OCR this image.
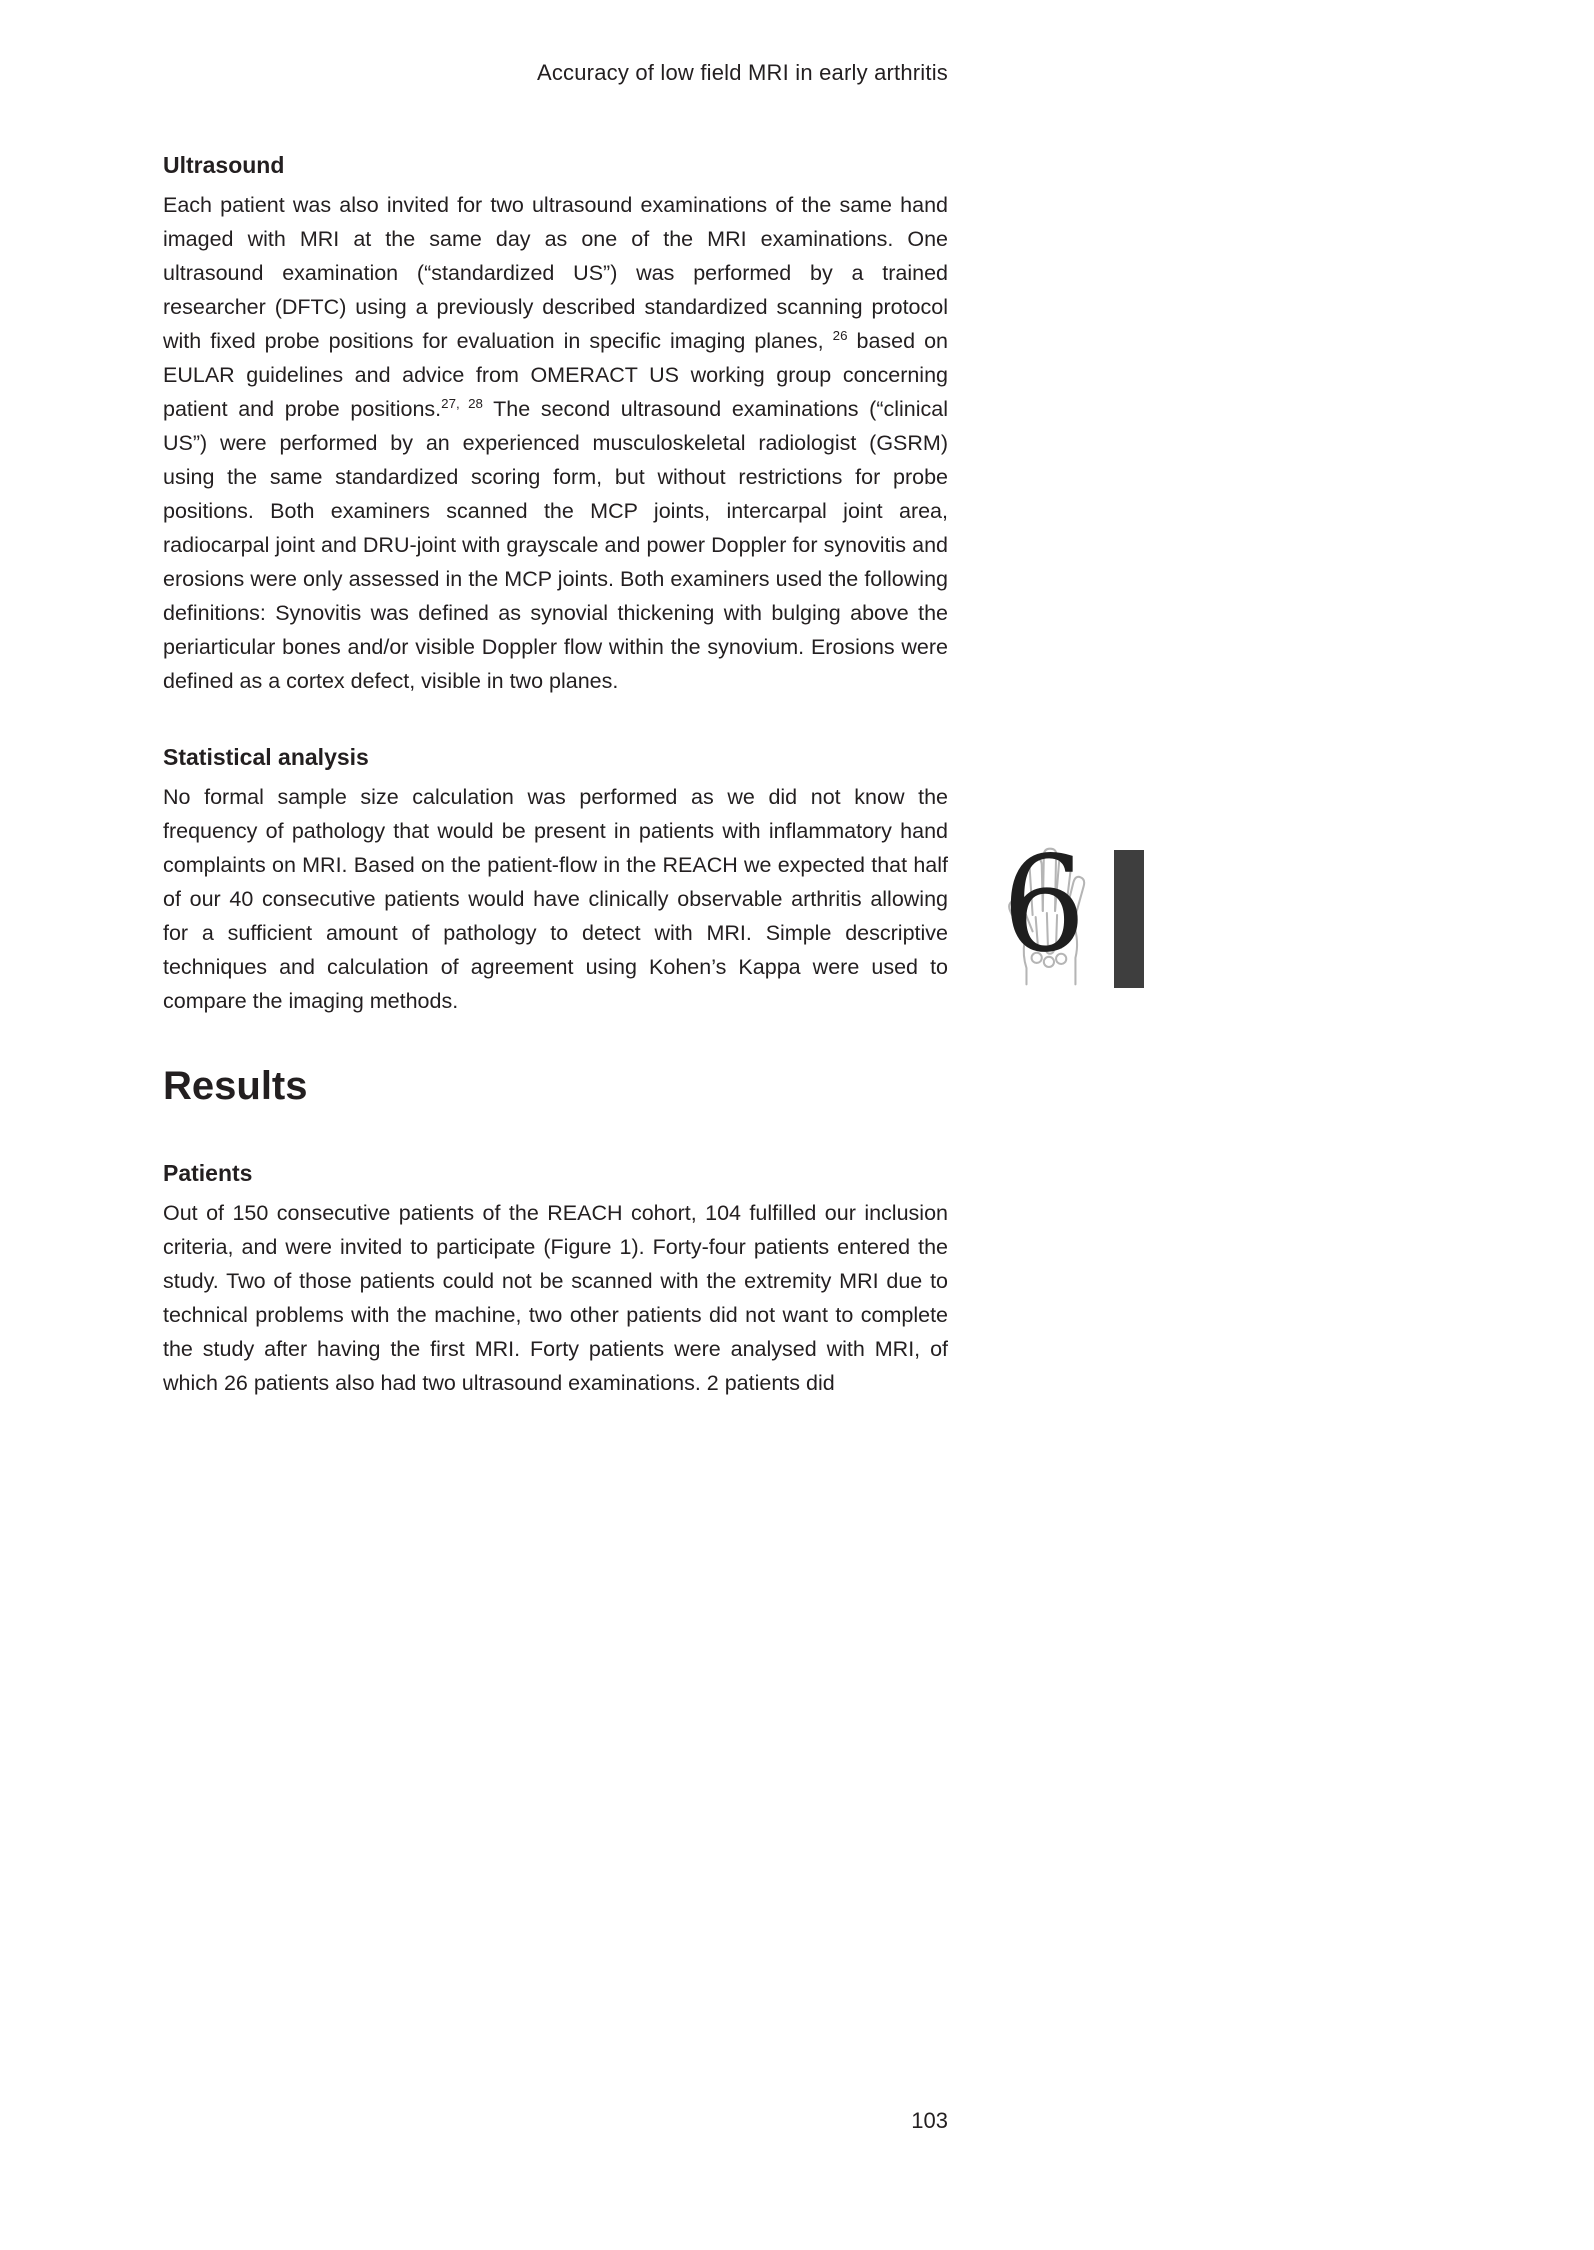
Accuracy of low field MRI in early arthritis
Ultrasound

Each patient was also invited for two ultrasound examinations of the same hand imaged with MRI at the same day as one of the MRI examinations. One ultrasound examination (“standardized US”) was performed by a trained researcher (DFTC) using a previously described standardized scanning protocol with fixed probe positions for evaluation in specific imaging planes, $^{26}$ based on EULAR guidelines and advice from OMERACT US working group concerning patient and probe positions.$^{27, 28}$ The second ultrasound examinations (“clinical US”) were performed by an experienced musculoskeletal radiologist (GSRM) using the same standardized scoring form, but without restrictions for probe positions. Both examiners scanned the MCP joints, intercarpal joint area, radiocarpal joint and DRU-joint with grayscale and power Doppler for synovitis and erosions were only assessed in the MCP joints. Both examiners used the following definitions: Synovitis was defined as synovial thickening with bulging above the periarticular bones and/or visible Doppler flow within the synovium. Erosions were defined as a cortex defect, visible in two planes.

Statistical analysis

No formal sample size calculation was performed as we did not know the frequency of pathology that would be present in patients with inflammatory hand complaints on MRI. Based on the patient-flow in the REACH we expected that half of our 40 consecutive patients would have clinically observable arthritis allowing for a sufficient amount of pathology to detect with MRI. Simple descriptive techniques and calculation of agreement using Kohen’s Kappa were used to compare the imaging methods.

Results
Patients

Out of 150 consecutive patients of the REACH cohort, 104 fulfilled our inclusion criteria, and were invited to participate (Figure 1). Forty-four patients entered the study. Two of those patients could not be scanned with the extremity MRI due to technical problems with the machine, two other patients did not want to complete the study after having the first MRI. Forty patients were analysed with MRI, of which 26 patients also had two ultrasound examinations. 2 patients did

6
103
